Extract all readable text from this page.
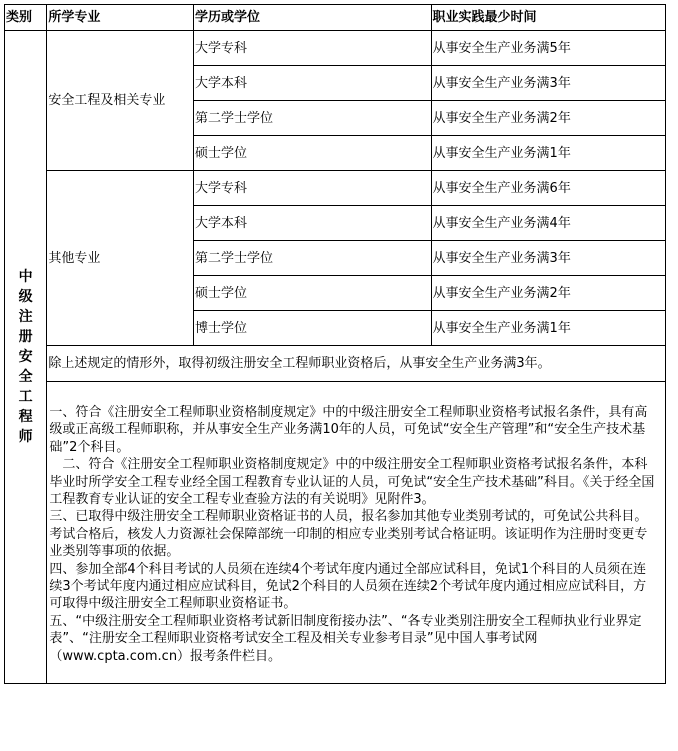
类别	所学专业	学历或学位	职业实践最少时间
中级注册安全工程师	安全工程及相关专业	大学专科	从事安全生产业务满5年
		大学本科	从事安全生产业务满3年
		第二学士学位	从事安全生产业务满2年
		硕士学位	从事安全生产业务满1年
	其他专业	大学专科	从事安全生产业务满6年
		大学本科	从事安全生产业务满4年
		第二学士学位	从事安全生产业务满3年
		硕士学位	从事安全生产业务满2年
		博士学位	从事安全生产业务满1年
	除上述规定的情形外，取得初级注册安全工程师职业资格后，从事安全生产业务满3年。		

	一、符合《注册安全工程师职业资格制度规定》中的中级注册安全工程师职业资格考试报名条件，具有高级或正高级工程师职称，并从事安全生产业务满10年的人员，可免试“安全生产管理”和“安全生产技术基础”2个科目。

二、符合《注册安全工程师职业资格制度规定》中的中级注册安全工程师职业资格考试报名条件，本科毕业时所学安全工程专业经全国工程教育专业认证的人员，可免试“安全生产技术基础”科目。《关于经全国工程教育专业认证的安全工程专业查验方法的有关说明》见附件3。

三、已取得中级注册安全工程师职业资格证书的人员，报名参加其他专业类别考试的，可免试公共科目。考试合格后，核发人力资源社会保障部统一印制的相应专业类别考试合格证明。该证明作为注册时变更专业类别等事项的依据。

四、参加全部4个科目考试的人员须在连续4个考试年度内通过全部应试科目，免试1个科目的人员须在连续3个考试年度内通过相应应试科目，免试2个科目的人员须在连续2个考试年度内通过相应应试科目，方可取得中级注册安全工程师职业资格证书。

五、“中级注册安全工程师职业资格考试新旧制度衔接办法”、“各专业类别注册安全工程师执业行业界定表”、“注册安全工程师职业资格考试安全工程及相关专业参考目录”见中国人事考试网（www.cpta.com.cn）报考条件栏目。		
